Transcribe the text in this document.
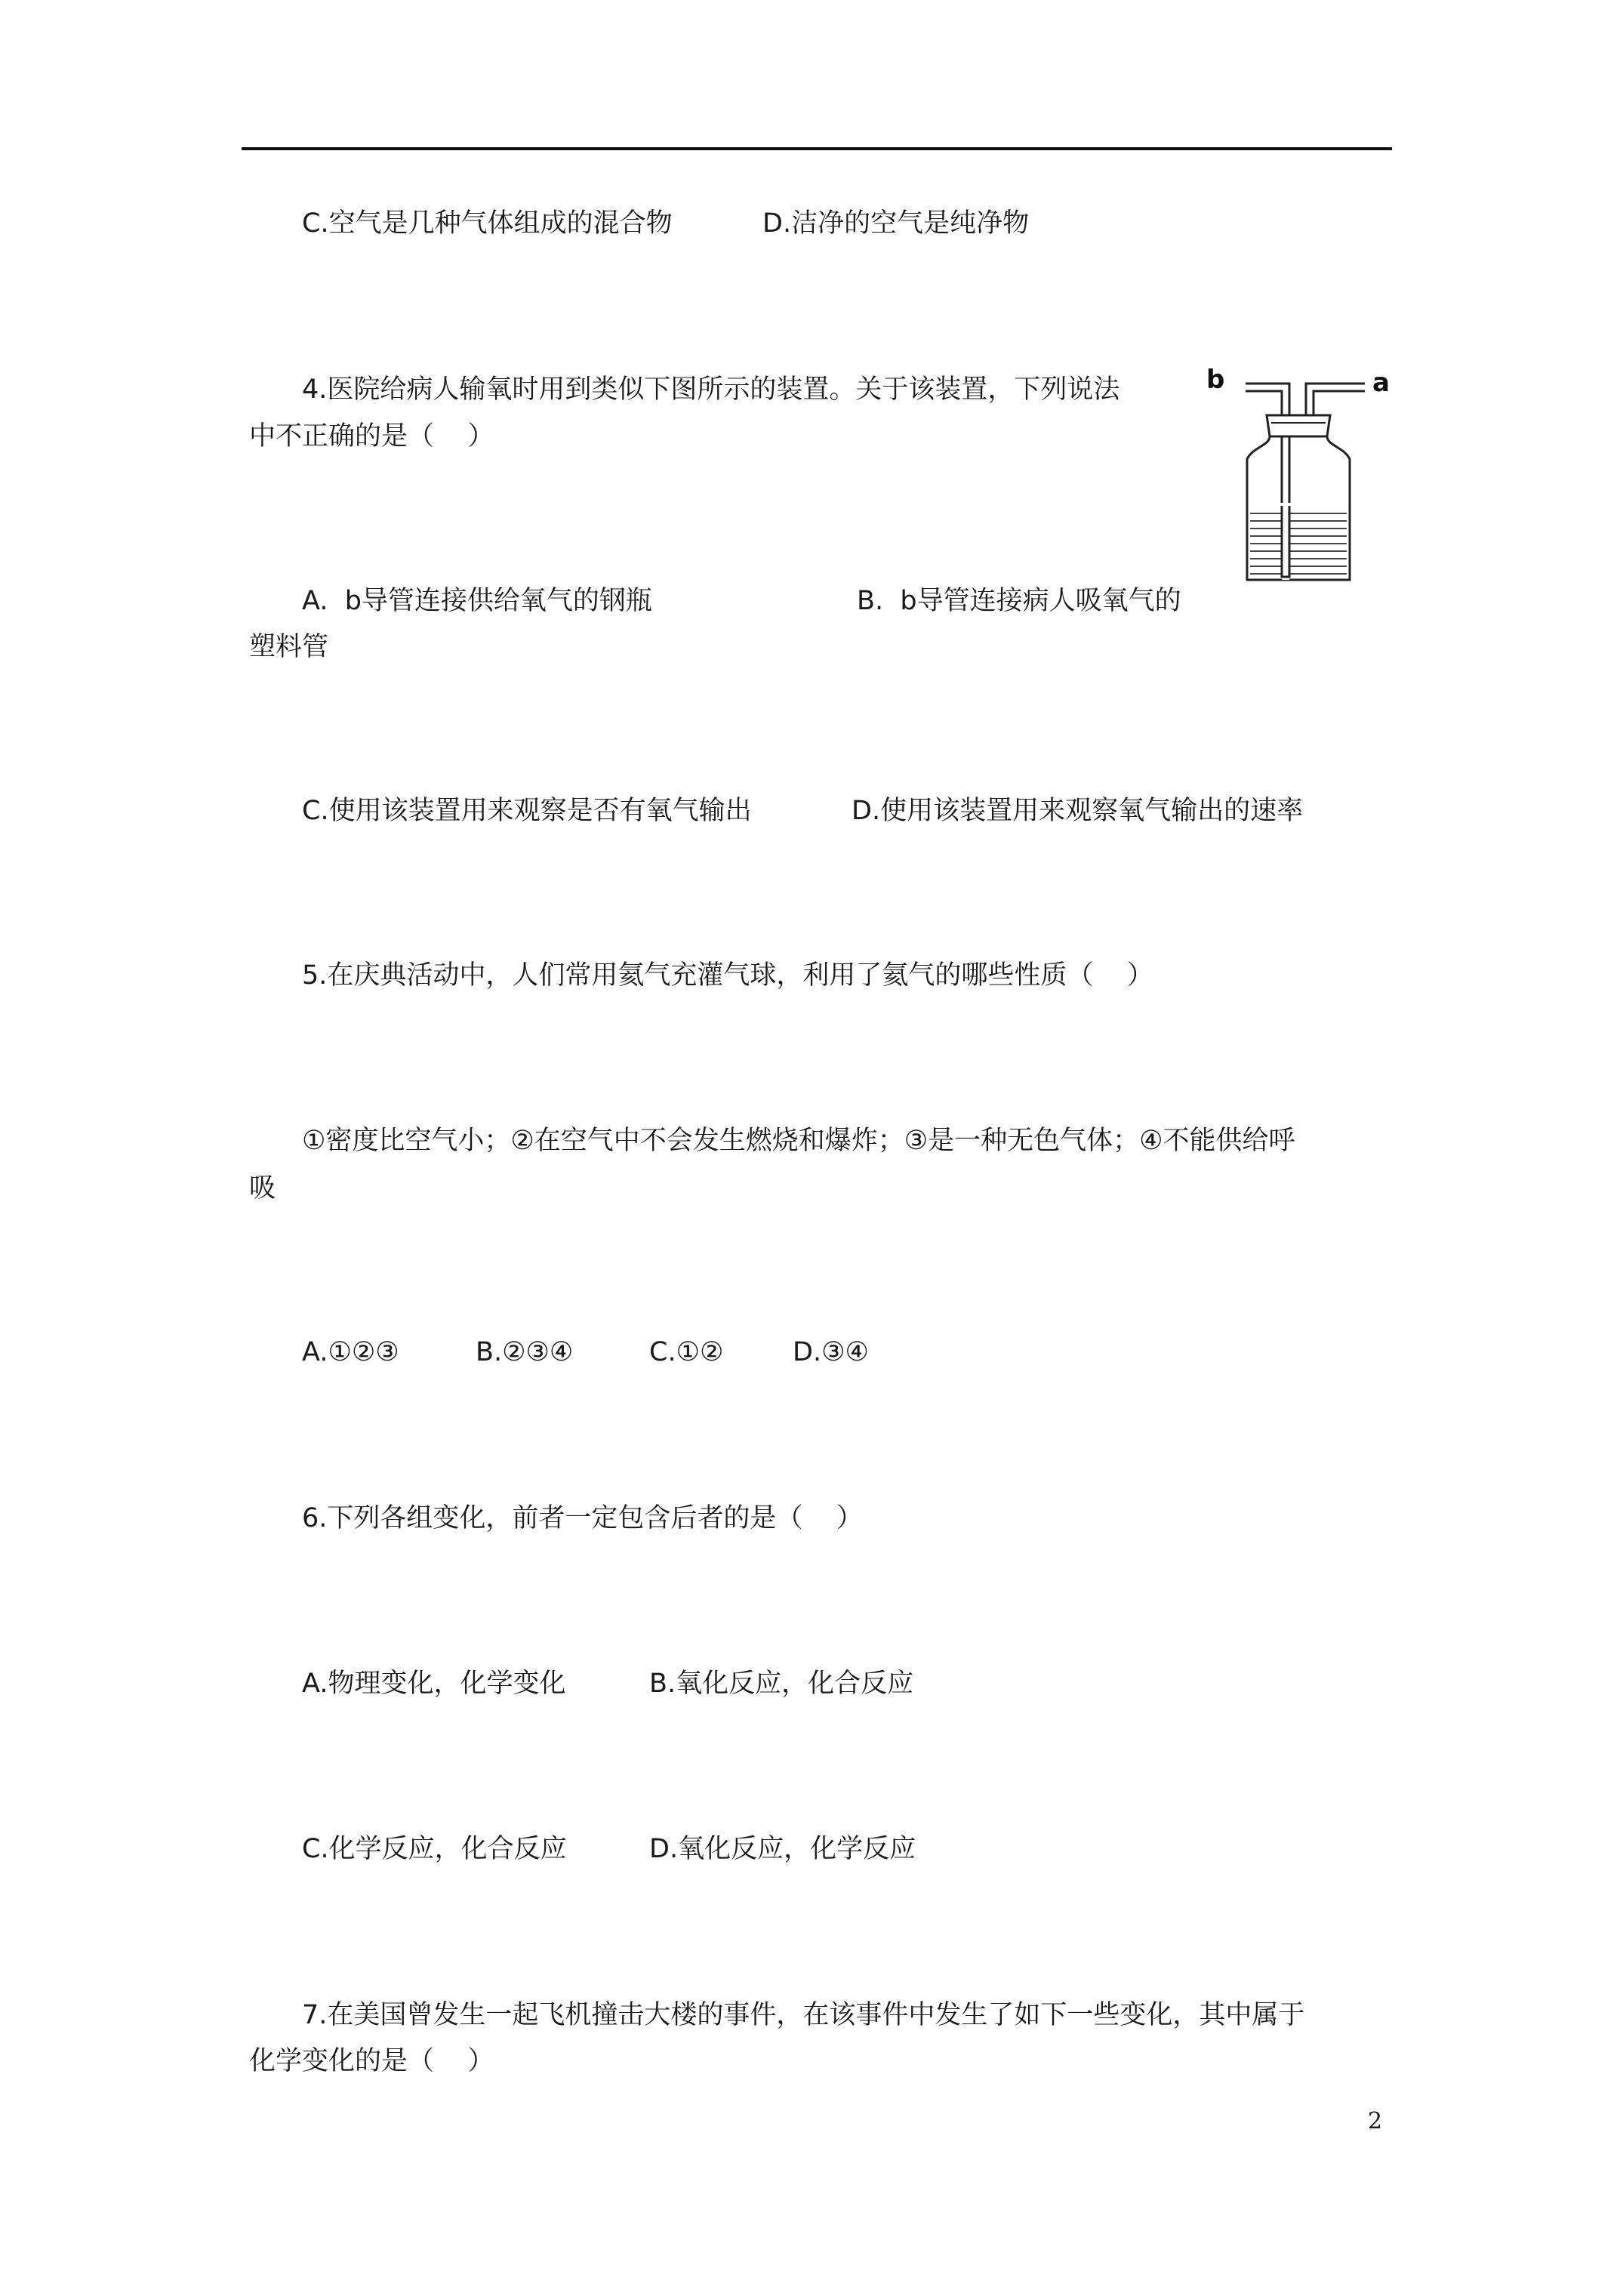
C.空气是几种气体组成的混合物	D.洁净的空气是纯净物
4.医院给病人输氧时用到类似下图所示的装置。关于该装置，下列说法
中不正确的是（    ）
b	a
A.  b导管连接供给氧气的钢瓶	B.  b导管连接病人吸氧气的
塑料管
C.使用该装置用来观察是否有氧气输出	D.使用该装置用来观察氧气输出的速率
5.在庆典活动中，人们常用氦气充灌气球，利用了氦气的哪些性质（    ）
①密度比空气小；②在空气中不会发生燃烧和爆炸；③是一种无色气体；④不能供给呼
吸
A.①②③	B.②③④	C.①②	D.③④
6.下列各组变化，前者一定包含后者的是（    ）
A.物理变化，化学变化	B.氧化反应，化合反应
C.化学反应，化合反应	D.氧化反应，化学反应
7.在美国曾发生一起飞机撞击大楼的事件，在该事件中发生了如下一些变化，其中属于
化学变化的是（    ）
2
